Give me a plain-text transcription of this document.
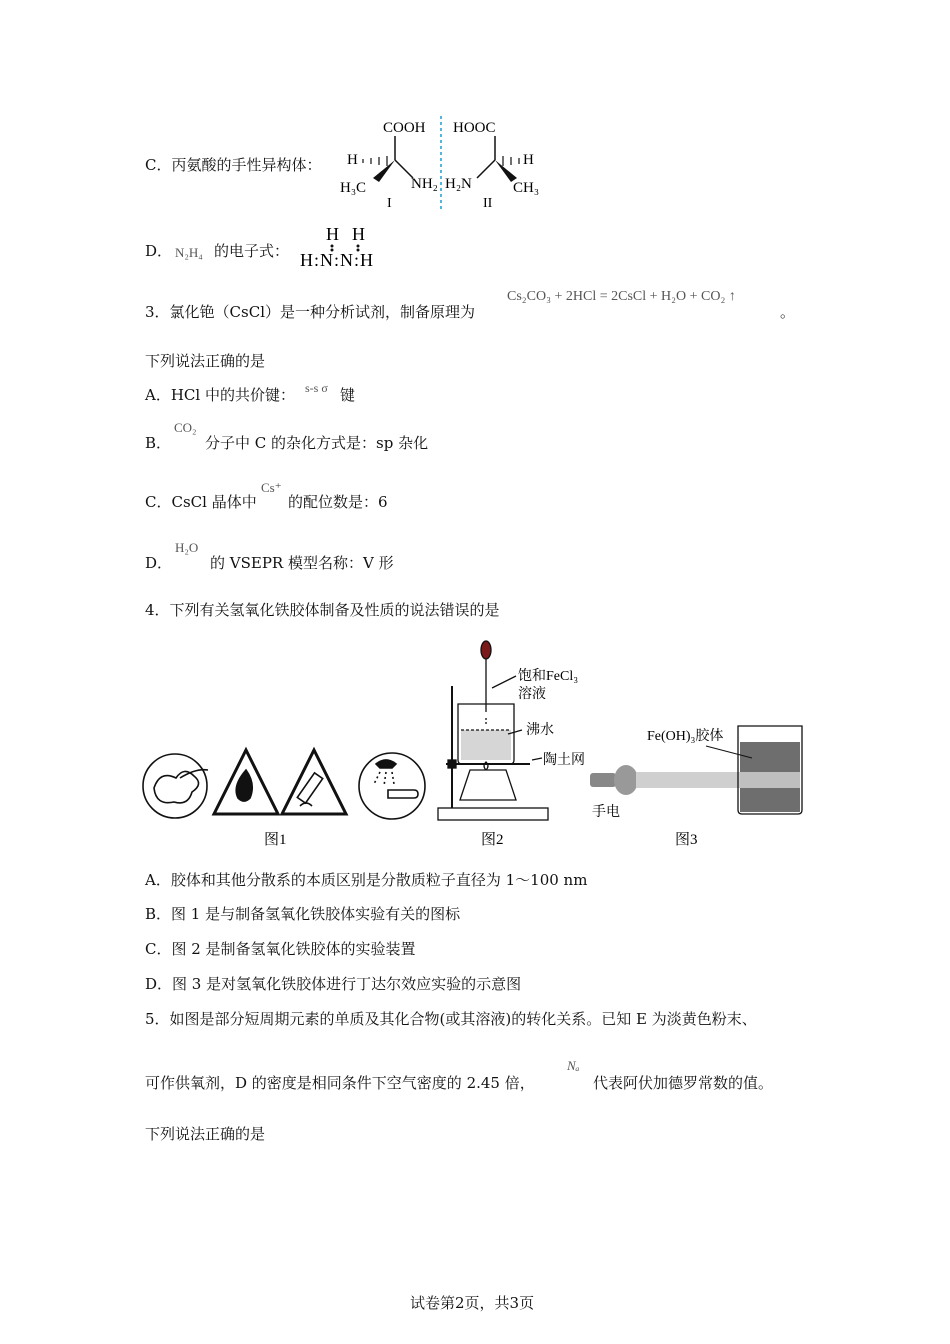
C．丙氨酸的手性异构体：
COOH HOOC
H	H
H₃C	NH₂ H₂N	CH₃
I	II
D． N₂H₄ 的电子式：
H H
H:N:N:H
3．氯化铯（CsCl）是一种分析试剂，制备原理为
Cs₂CO₃ + 2HCl = 2CsCl + H₂O + CO₂ ↑
。
下列说法正确的是
A．HCl 中的共价键： s-s σ 键
CO₂
B． 分子中 C 的杂化方式是：sp 杂化
C．CsCl 晶体中
Cs⁺
的配位数是：6
H₂O
D．	的 VSEPR 模型名称：V 形
4．下列有关氢氧化铁胶体制备及性质的说法错误的是
图1
饱和FeCl₃
溶液
沸水
陶土网
图2
Fe(OH)₃胶体
手电
图3
A．胶体和其他分散系的本质区别是分散质粒子直径为 1～100 nm
B．图 1 是与制备氢氧化铁胶体实验有关的图标
C．图 2 是制备氢氧化铁胶体的实验装置
D．图 3 是对氢氧化铁胶体进行丁达尔效应实验的示意图
5．如图是部分短周期元素的单质及其化合物(或其溶液)的转化关系。已知 E 为淡黄色粉末、
可作供氧剂，D 的密度是相同条件下空气密度的 2.45 倍，
Nₐ
代表阿伏加德罗常数的值。
下列说法正确的是
试卷第2页，共3页
